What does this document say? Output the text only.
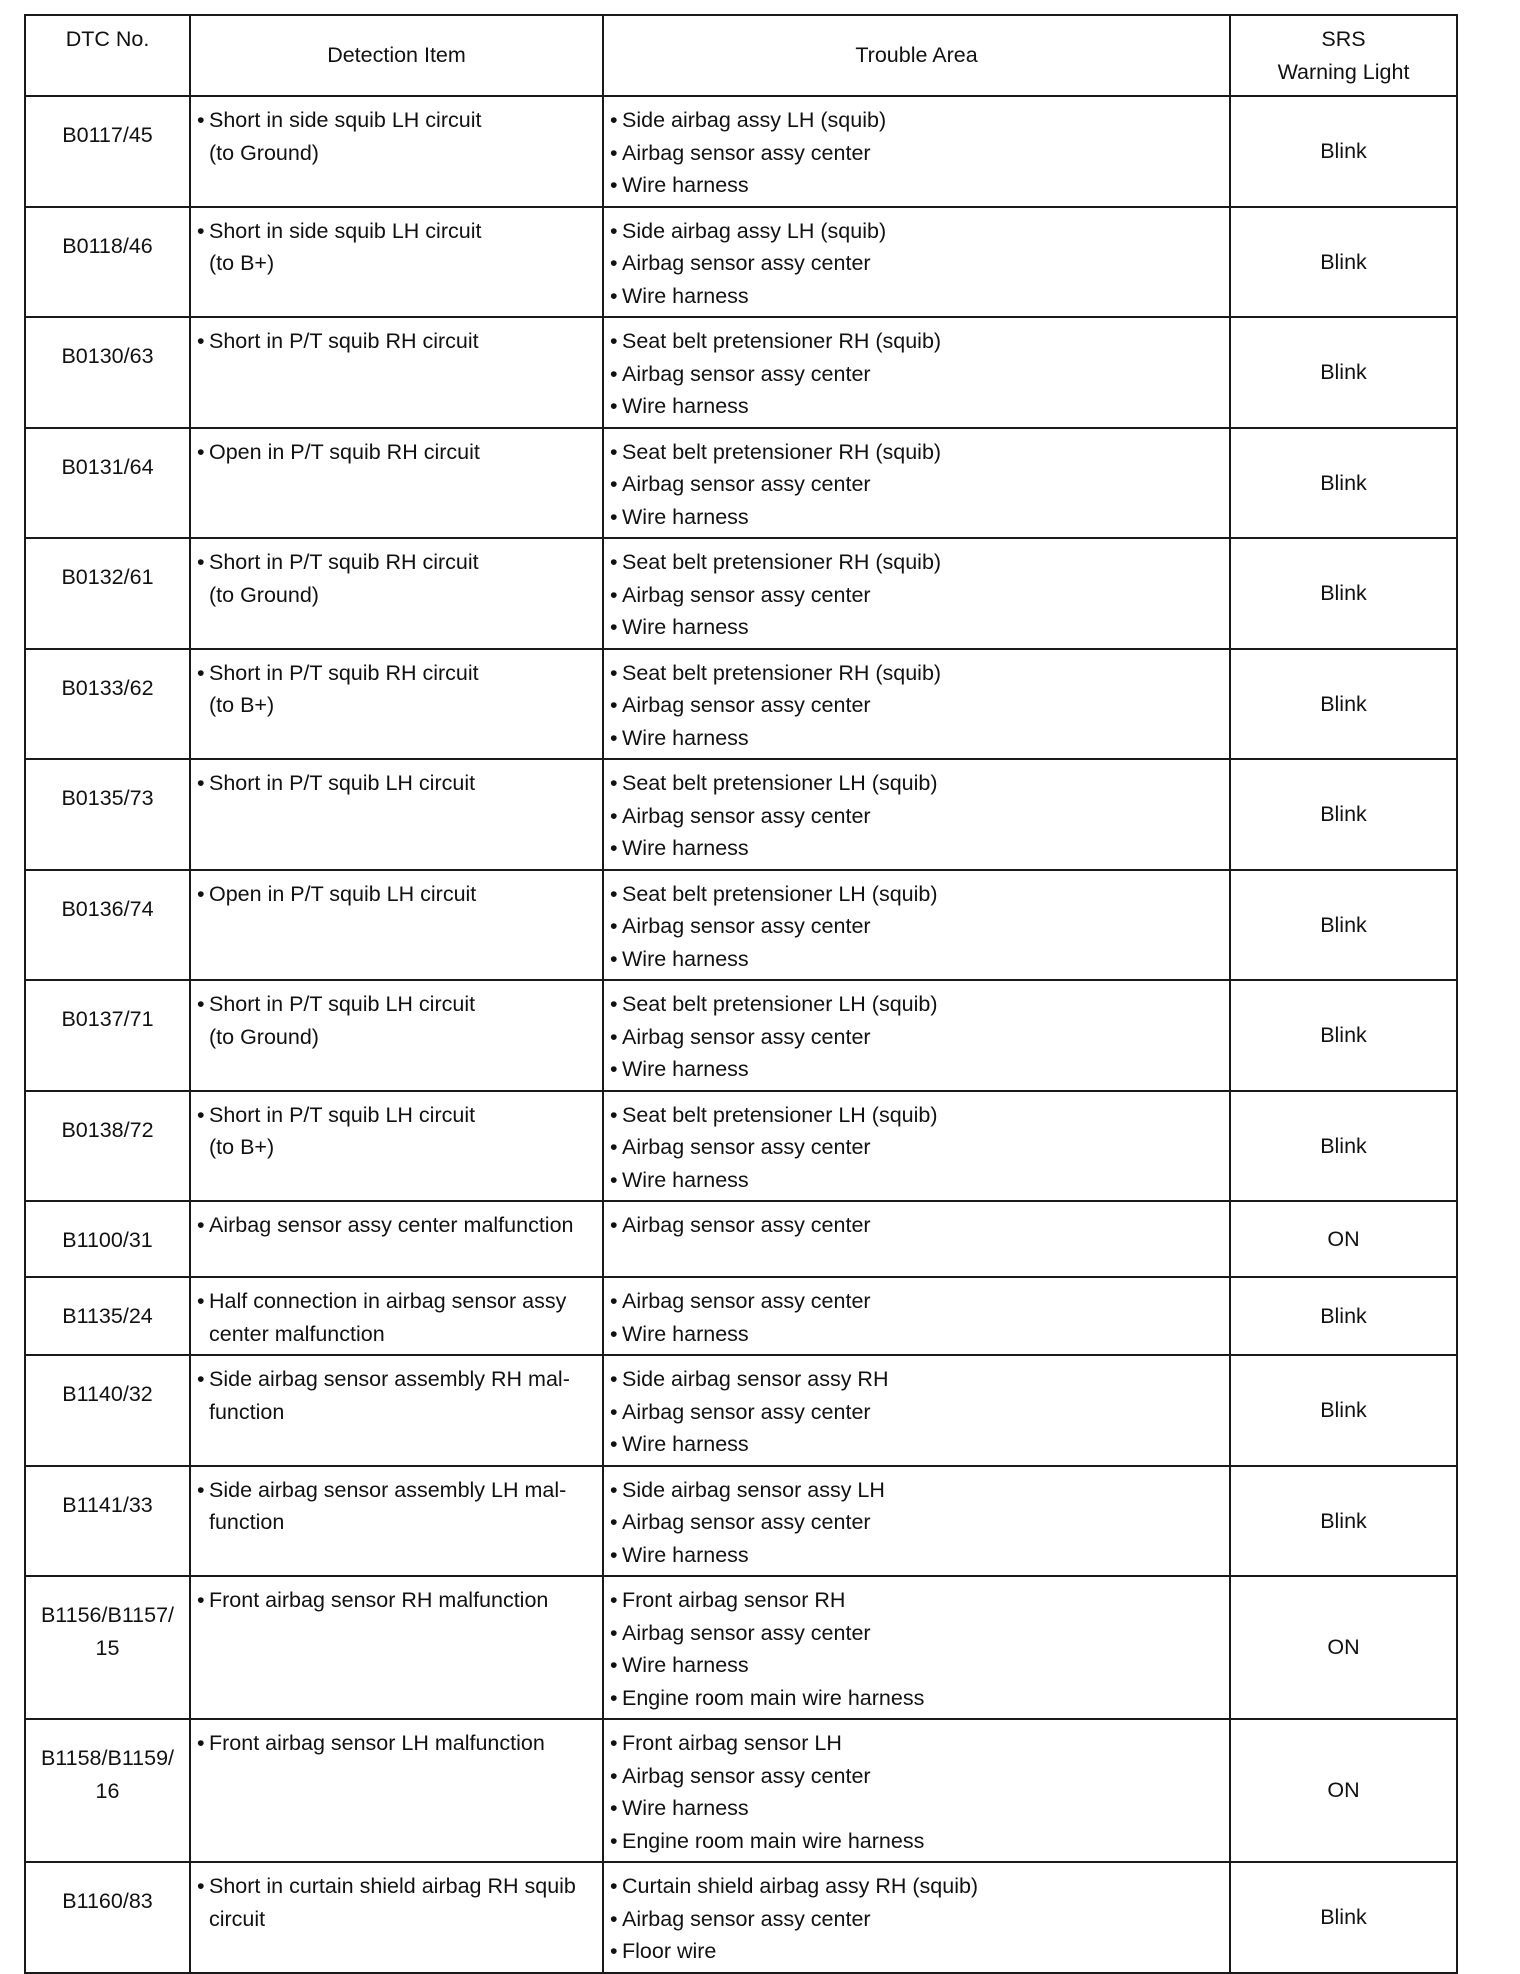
DTC No.	Detection Item	Trouble Area	SRS
Warning Light

B0117/45	• Short in side squib LH circuit
(to Ground)	• Side airbag assy LH (squib)
• Airbag sensor assy center
• Wire harness	Blink

B0118/46	• Short in side squib LH circuit
(to B+)	• Side airbag assy LH (squib)
• Airbag sensor assy center
• Wire harness	Blink

B0130/63	• Short in P/T squib RH circuit	• Seat belt pretensioner RH (squib)
• Airbag sensor assy center
• Wire harness	Blink

B0131/64	• Open in P/T squib RH circuit	• Seat belt pretensioner RH (squib)
• Airbag sensor assy center
• Wire harness	Blink

B0132/61	• Short in P/T squib RH circuit
(to Ground)	• Seat belt pretensioner RH (squib)
• Airbag sensor assy center
• Wire harness	Blink

B0133/62	• Short in P/T squib RH circuit
(to B+)	• Seat belt pretensioner RH (squib)
• Airbag sensor assy center
• Wire harness	Blink

B0135/73	• Short in P/T squib LH circuit	• Seat belt pretensioner LH (squib)
• Airbag sensor assy center
• Wire harness	Blink

B0136/74	• Open in P/T squib LH circuit	• Seat belt pretensioner LH (squib)
• Airbag sensor assy center
• Wire harness	Blink

B0137/71	• Short in P/T squib LH circuit
(to Ground)	• Seat belt pretensioner LH (squib)
• Airbag sensor assy center
• Wire harness	Blink

B0138/72	• Short in P/T squib LH circuit
(to B+)	• Seat belt pretensioner LH (squib)
• Airbag sensor assy center
• Wire harness	Blink

B1100/31	• Airbag sensor assy center malfunction	• Airbag sensor assy center	ON

B1135/24	• Half connection in airbag sensor assy
center malfunction	• Airbag sensor assy center
• Wire harness	Blink

B1140/32	• Side airbag sensor assembly RH mal-
function	• Side airbag sensor assy RH
• Airbag sensor assy center
• Wire harness	Blink

B1141/33	• Side airbag sensor assembly LH mal-
function	• Side airbag sensor assy LH
• Airbag sensor assy center
• Wire harness	Blink

B1156/B1157/
15	• Front airbag sensor RH malfunction	• Front airbag sensor RH
• Airbag sensor assy center
• Wire harness
• Engine room main wire harness	ON

B1158/B1159/
16	• Front airbag sensor LH malfunction	• Front airbag sensor LH
• Airbag sensor assy center
• Wire harness
• Engine room main wire harness	ON

B1160/83	• Short in curtain shield airbag RH squib
circuit	• Curtain shield airbag assy RH (squib)
• Airbag sensor assy center
• Floor wire	Blink
